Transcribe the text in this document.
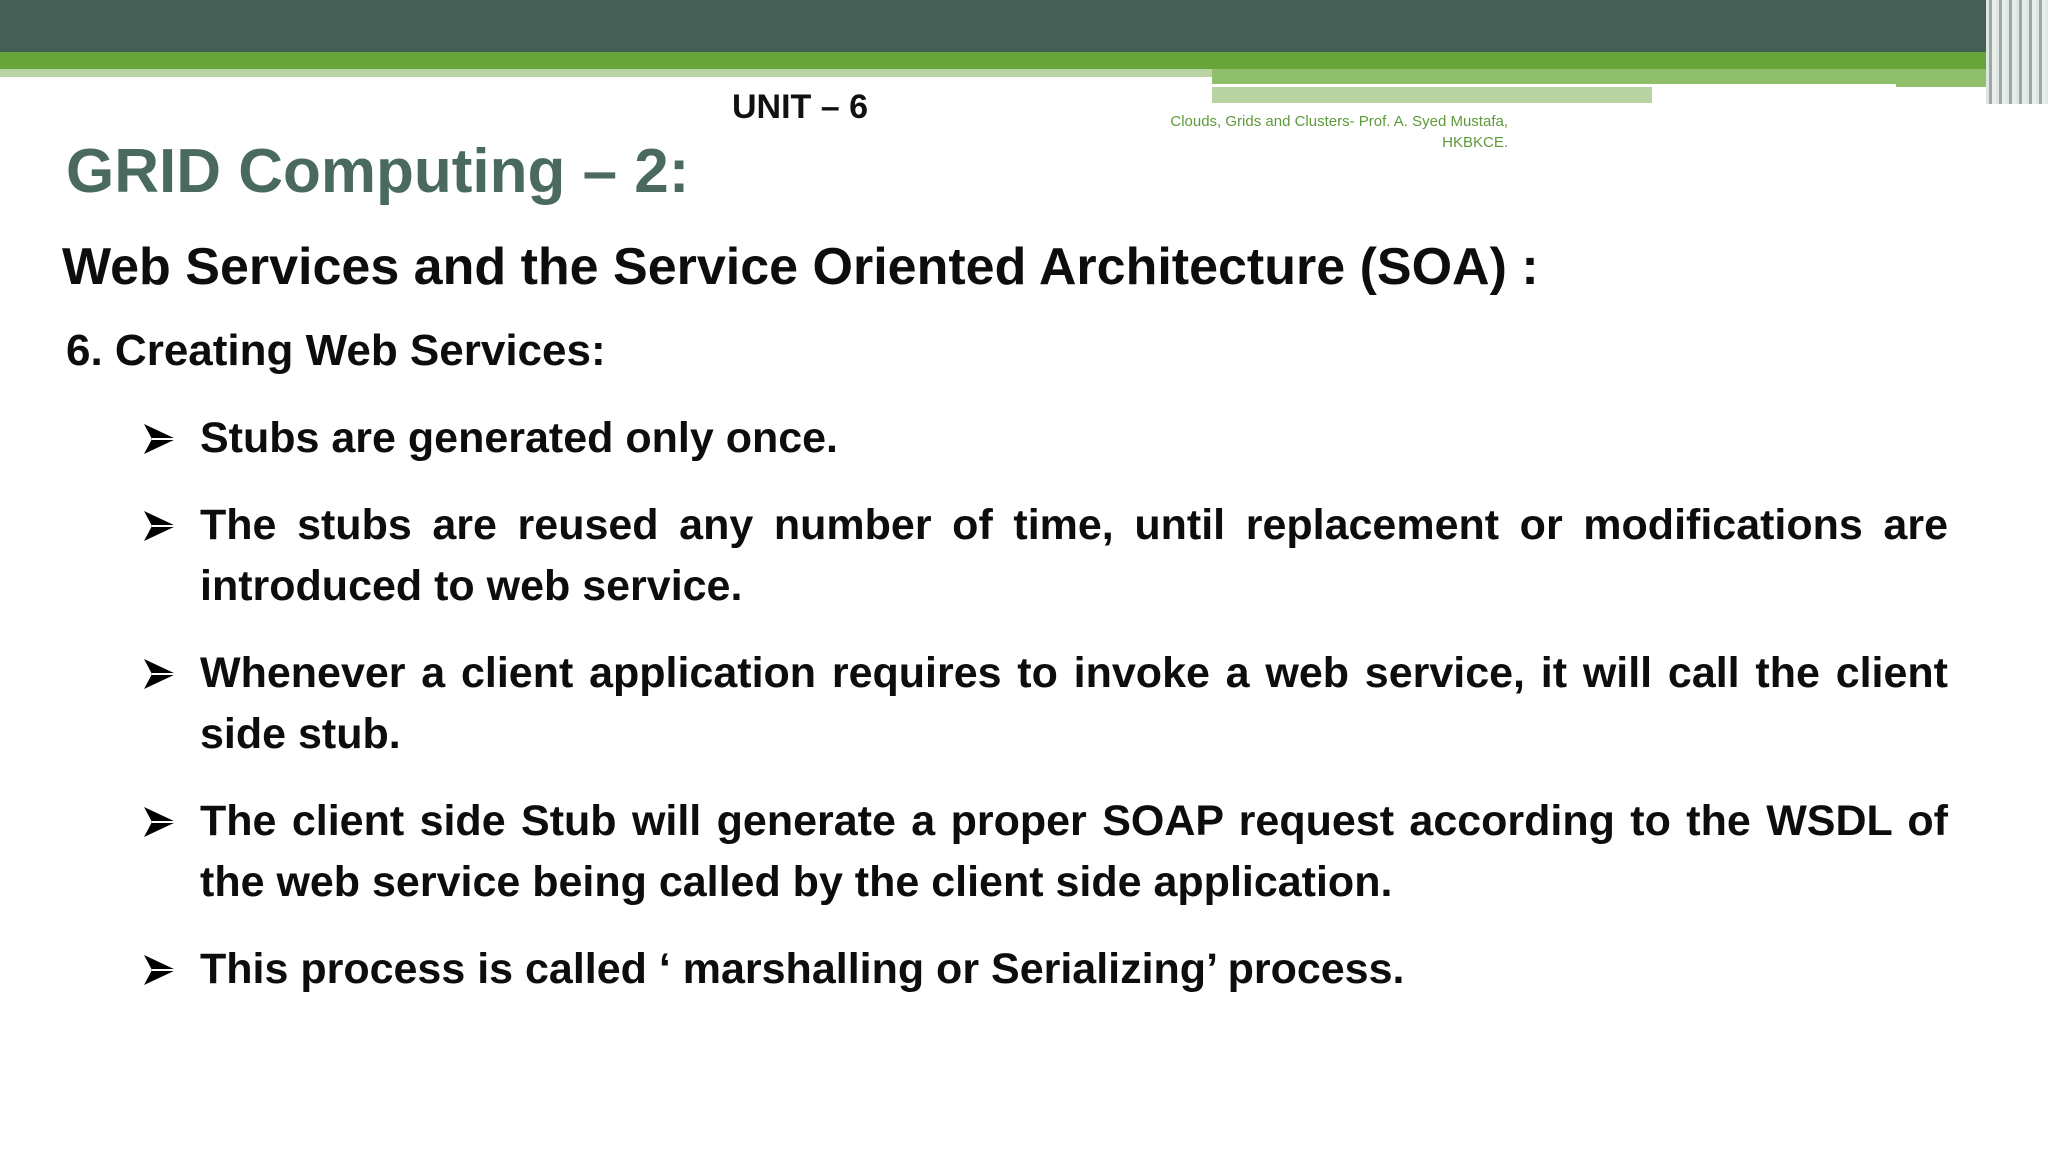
UNIT – 6	Clouds, Grids and Clusters- Prof. A. Syed Mustafa,
HKBKCE.
GRID Computing – 2:
Web Services and the Service Oriented Architecture (SOA) :
6. Creating Web Services:
Stubs are generated only once.
The stubs are reused any number of time, until replacement or modifications are introduced to web service.
Whenever a client application requires to invoke a web service, it will call the client side stub.
The client side Stub will generate a proper SOAP request according to the WSDL of the web service being called by the client side application.
This process is called ‘ marshalling or Serializing’ process.
